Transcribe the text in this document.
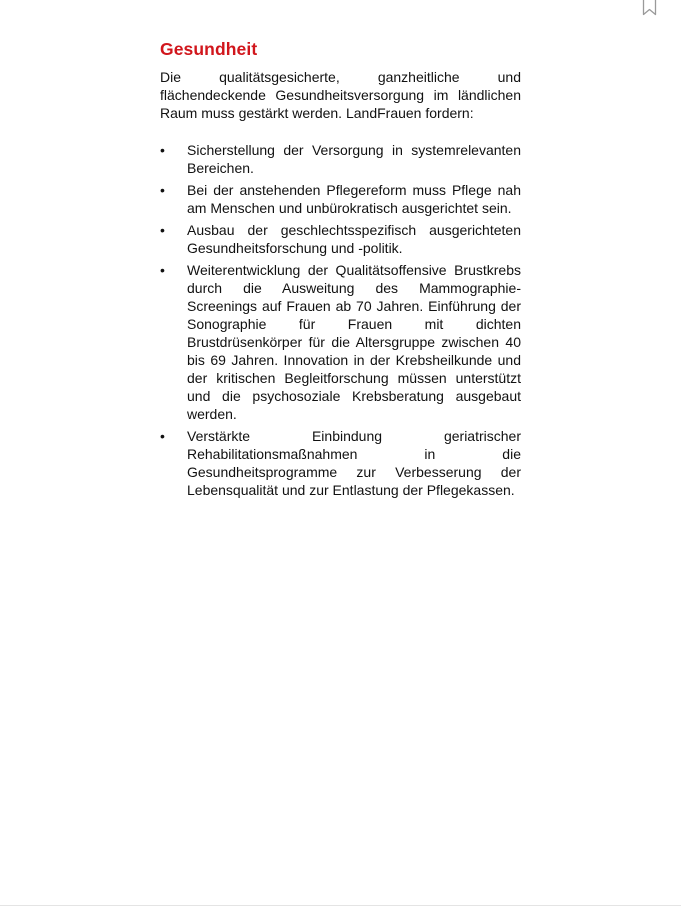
Gesundheit

Die qualitätsgesicherte, ganzheitliche und flächendeckende Gesundheitsversorgung im ländlichen Raum muss gestärkt werden. LandFrauen fordern:

•	Sicherstellung der Versorgung in systemrelevanten Bereichen.
•	Bei der anstehenden Pflegereform muss Pflege nah am Menschen und unbürokratisch ausgerichtet sein.
•	Ausbau der geschlechtsspezifisch ausgerichteten Gesundheitsforschung und -politik.
•	Weiterentwicklung der Qualitätsoffensive Brustkrebs durch die Ausweitung des Mammographie-Screenings auf Frauen ab 70 Jahren. Einführung der Sonographie für Frauen mit dichten Brustdrüsenkörper für die Altersgruppe zwischen 40 bis 69 Jahren. Innovation in der Krebsheilkunde und der kritischen Begleitforschung müssen unterstützt und die psychosoziale Krebsberatung ausgebaut werden.
•	Verstärkte Einbindung geriatrischer Rehabilitationsmaßnahmen in die Gesundheitsprogramme zur Verbesserung der Lebensqualität und zur Entlastung der Pflegekassen.
